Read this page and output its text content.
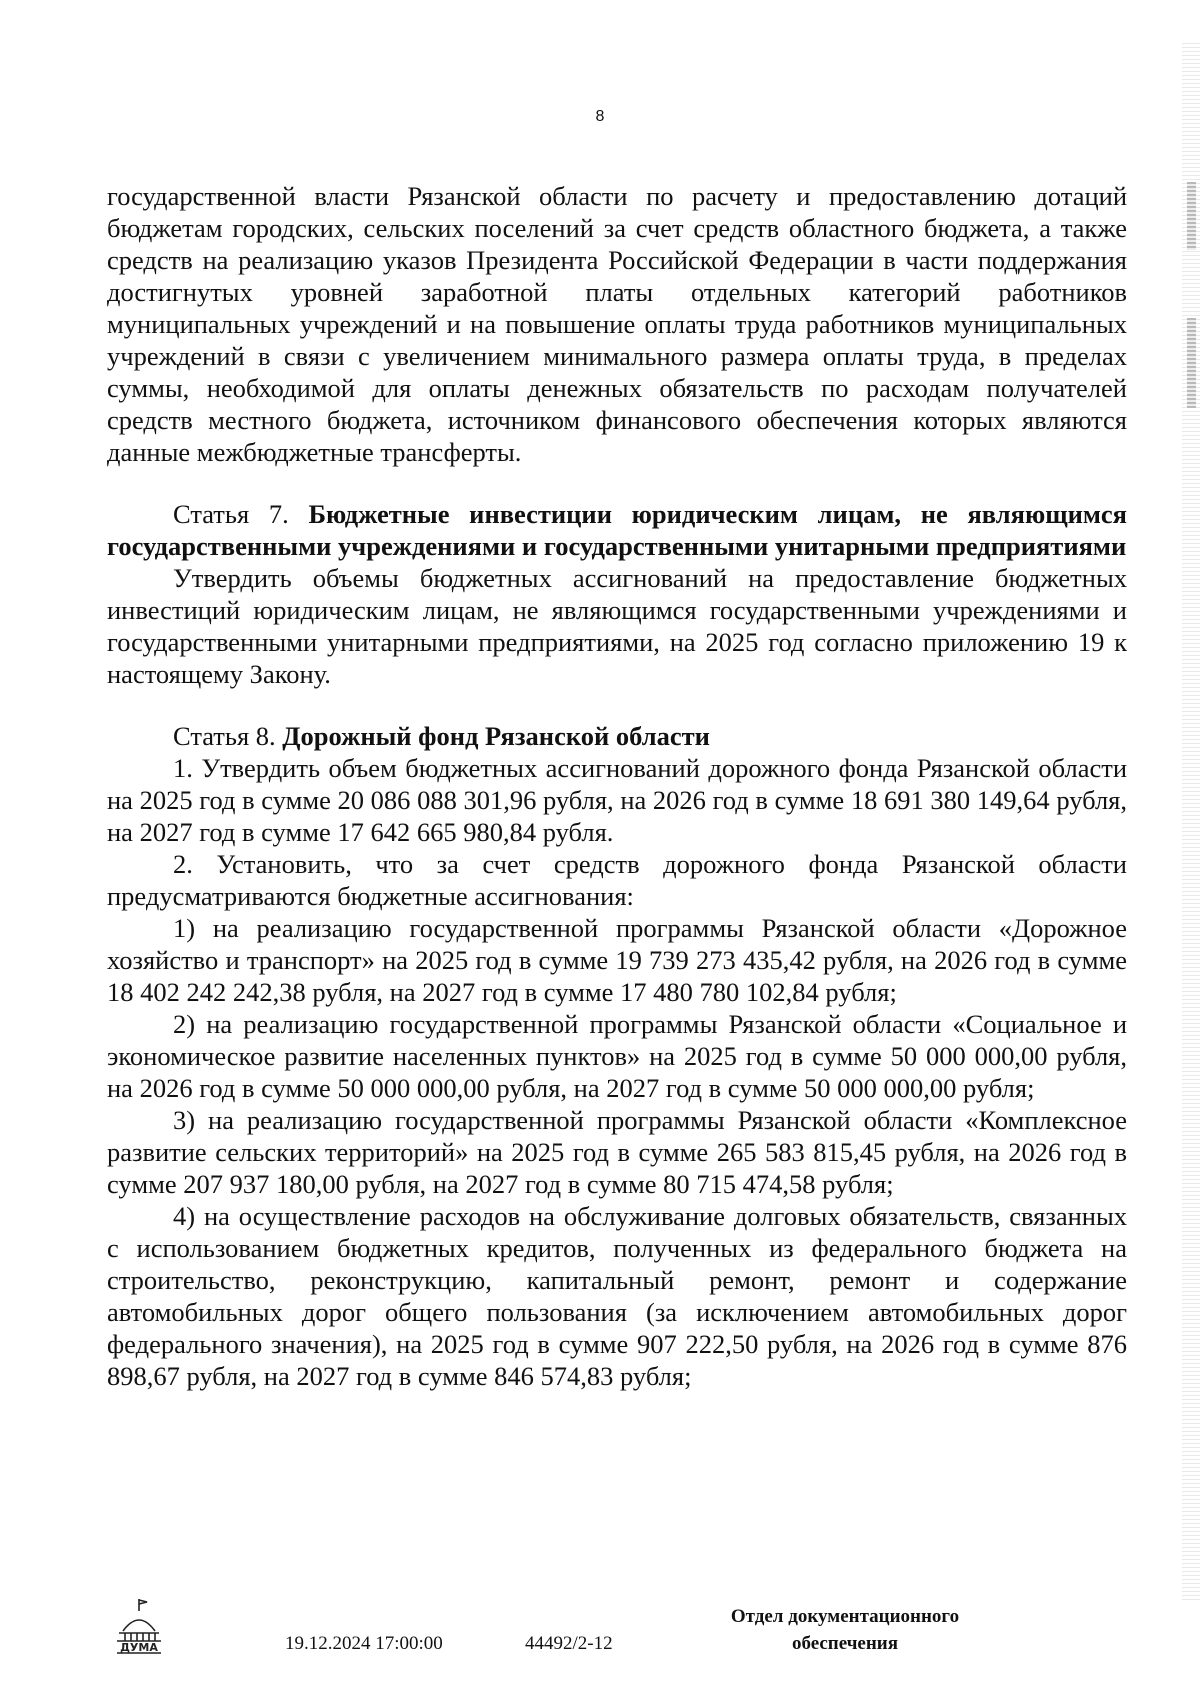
8

государственной власти Рязанской области по расчету и предоставлению дотаций бюджетам городских, сельских поселений за счет средств областного бюджета, а также средств на реализацию указов Президента Российской Федерации в части поддержания достигнутых уровней заработной платы отдельных категорий работников муниципальных учреждений и на повышение оплаты труда работников муниципальных учреждений в связи с увеличением минимального размера оплаты труда, в пределах суммы, необходимой для оплаты денежных обязательств по расходам получателей средств местного бюджета, источником финансового обеспечения которых являются данные межбюджетные трансферты.

Статья 7. Бюджетные инвестиции юридическим лицам, не являющимся государственными учреждениями и государственными унитарными предприятиями

Утвердить объемы бюджетных ассигнований на предоставление бюджетных инвестиций юридическим лицам, не являющимся государственными учреждениями и государственными унитарными предприятиями, на 2025 год согласно приложению 19 к настоящему Закону.

Статья 8. Дорожный фонд Рязанской области

1. Утвердить объем бюджетных ассигнований дорожного фонда Рязанской области на 2025 год в сумме 20 086 088 301,96 рубля, на 2026 год в сумме 18 691 380 149,64 рубля, на 2027 год в сумме 17 642 665 980,84 рубля.

2. Установить, что за счет средств дорожного фонда Рязанской области предусматриваются бюджетные ассигнования:

1) на реализацию государственной программы Рязанской области «Дорожное хозяйство и транспорт» на 2025 год в сумме 19 739 273 435,42 рубля, на 2026 год в сумме 18 402 242 242,38 рубля, на 2027 год в сумме 17 480 780 102,84 рубля;

2) на реализацию государственной программы Рязанской области «Социальное и экономическое развитие населенных пунктов» на 2025 год в сумме 50 000 000,00 рубля, на 2026 год в сумме 50 000 000,00 рубля, на 2027 год в сумме 50 000 000,00 рубля;

3) на реализацию государственной программы Рязанской области «Комплексное развитие сельских территорий» на 2025 год в сумме 265 583 815,45 рубля, на 2026 год в сумме 207 937 180,00 рубля, на 2027 год в сумме 80 715 474,58 рубля;

4) на осуществление расходов на обслуживание долговых обязательств, связанных с использованием бюджетных кредитов, полученных из федерального бюджета на строительство, реконструкцию, капитальный ремонт, ремонт и содержание автомобильных дорог общего пользования (за исключением автомобильных дорог федерального значения), на 2025 год в сумме 907 222,50 рубля, на 2026 год в сумме 876 898,67 рубля, на 2027 год в сумме 846 574,83 рубля;

ДУМА	19.12.2024 17:00:00	44492/2-12
Отдел документационного
обеспечения
